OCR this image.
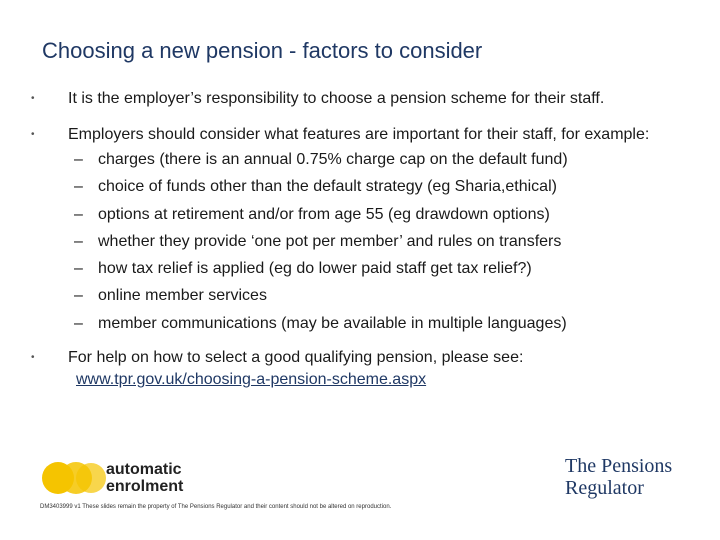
Choosing a new pension - factors to consider
• It is the employer’s responsibility to choose a pension scheme for their staff.
• Employers should consider what features are important for their staff, for example:
– charges (there is an annual 0.75% charge cap on the default fund)
– choice of funds other than the default strategy (eg Sharia,ethical)
– options at retirement and/or from age 55 (eg drawdown options)
– whether they provide ‘one pot per member’ and rules on transfers
– how tax relief is applied (eg do lower paid staff get tax relief?)
– online member services
– member communications (may be available in multiple languages)
• For help on how to select a good qualifying pension, please see:
www.tpr.gov.uk/choosing-a-pension-scheme.aspx
automatic
enrolment
The Pensions
Regulator
DM3403999 v1 These slides remain the property of The Pensions Regulator and their content should not be altered on reproduction.
